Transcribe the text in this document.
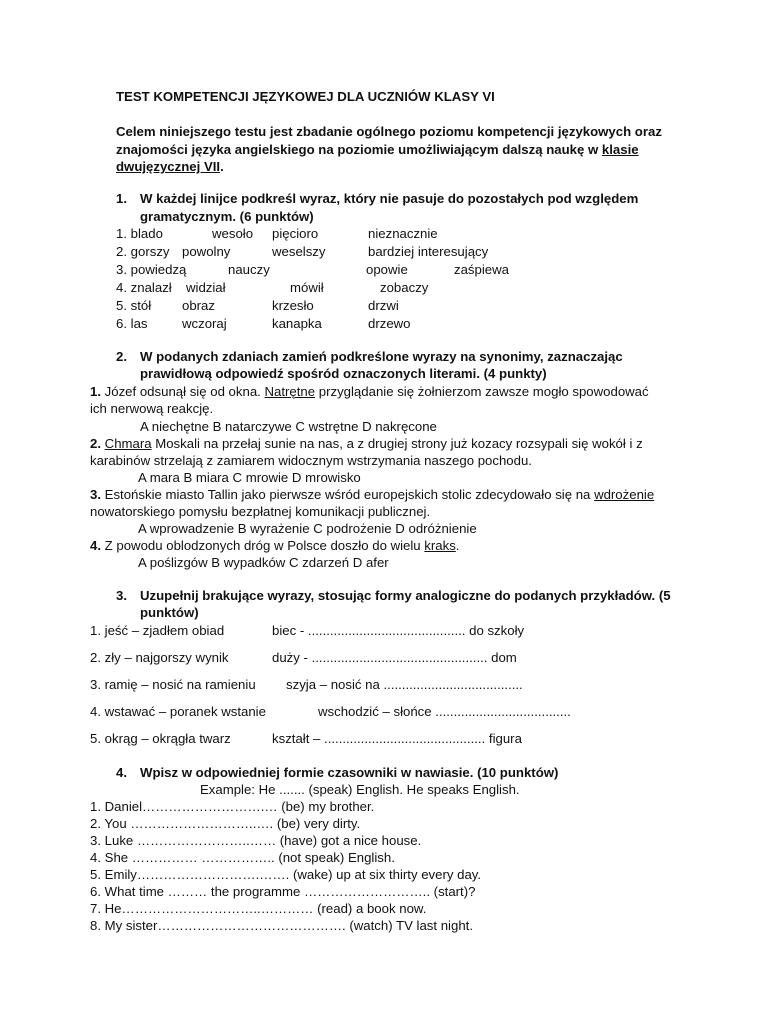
TEST KOMPETENCJI JĘZYKOWEJ DLA UCZNIÓW KLASY VI
Celem niniejszego testu jest zbadanie ogólnego poziomu kompetencji językowych oraz
znajomości języka angielskiego na poziomie umożliwiającym dalszą naukę w klasie
dwujęzycznej VII.
1. W każdej linijce podkreśl wyraz, który nie pasuje do pozostałych pod względem
gramatycznym. (6 punktów)
1. blado	wesoło pięcioro	nieznacznie
2. gorszy powolny	weselszy	bardziej interesujący
3. powiedzą	nauczy	opowie	zaśpiewa
4. znalazł widział	mówił	zobaczy
5. stół obraz	krzesło	drzwi
6. las	wczoraj	kanapka	drzewo
2. W podanych zdaniach zamień podkreślone wyrazy na synonimy, zaznaczając
prawidłową odpowiedź spośród oznaczonych literami. (4 punkty)
1. Józef odsunął się od okna. Natrętne przyglądanie się żołnierzom zawsze mogło spowodować
ich nerwową reakcję.
A niechętne B natarczywe C wstrętne D nakręcone
2. Chmara Moskali na przełaj sunie na nas, a z drugiej strony już kozacy rozsypali się wokół i z
karabinów strzelają z zamiarem widocznym wstrzymania naszego pochodu.
A mara B miara C mrowie D mrowisko
3. Estońskie miasto Tallin jako pierwsze wśród europejskich stolic zdecydowało się na wdrożenie
nowatorskiego pomysłu bezpłatnej komunikacji publicznej.
A wprowadzenie B wyrażenie C podrożenie D odróżnienie
4. Z powodu oblodzonych dróg w Polsce doszło do wielu kraks.
A poślizgów B wypadków C zdarzeń D afer
3. Uzupełnij brakujące wyrazy, stosując formy analogiczne do podanych przykładów. (5
punktów)
1. jeść – zjadłem obiad	biec - ........................................... do szkoły
2. zły – najgorszy wynik	duży - ................................................ dom
3. ramię – nosić na ramieniu szyja – nosić na ......................................
4. wstawać – poranek wstanie	wschodzić – słońce .....................................
5. okrąg – okrągła twarz	kształt – ............................................ figura
4. Wpisz w odpowiedniej formie czasowniki w nawiasie. (10 punktów)
Example: He ....... (speak) English. He speaks English.
1. Daniel……………………….… (be) my brother.
2. You ………………………..…. (be) very dirty.
3. Luke ……………………..…… (have) got a nice house.
4. She …………… …………….. (not speak) English.
5. Emily……………………….……. (wake) up at six thirty every day.
6. What time ……… the programme ……………………….. (start)?
7. He…………………………..………… (read) a book now.
8. My sister……………………………………. (watch) TV last night.
